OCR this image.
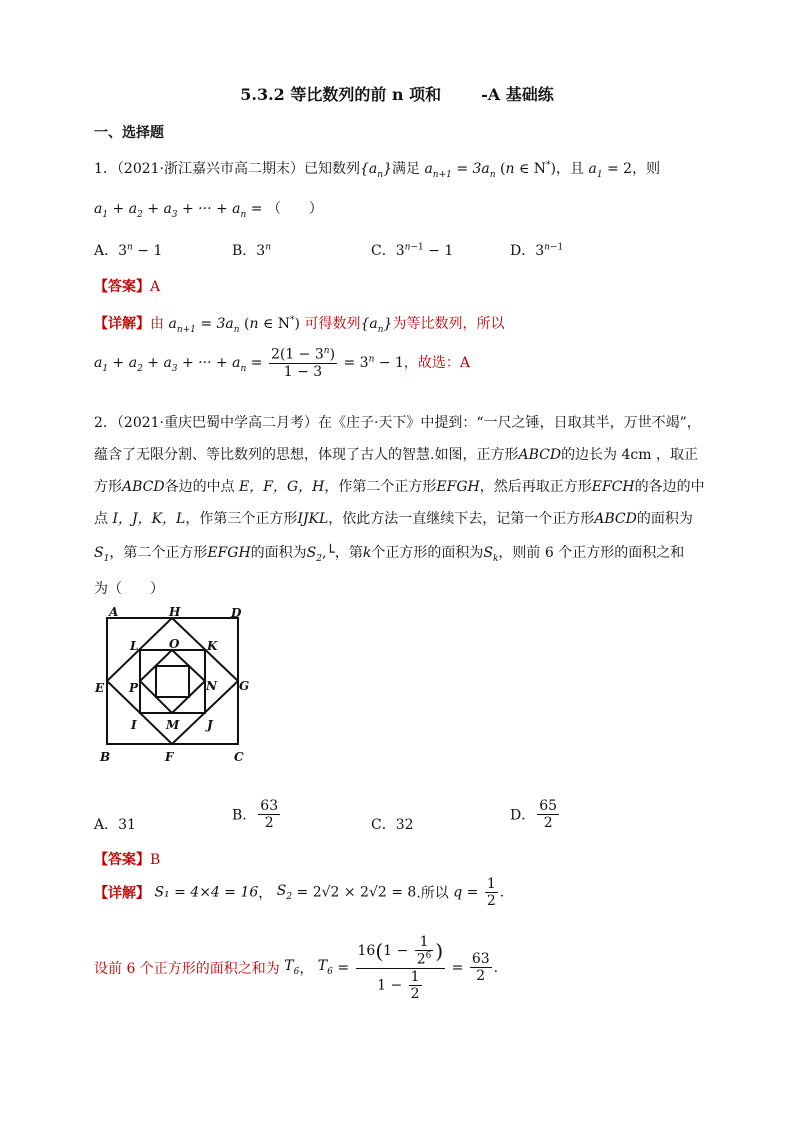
5.3.2 等比数列的前 n 项和	-A 基础练
一、选择题
1．（2021·浙江嘉兴市高二期末）已知数列$\{a_n\}$满足 $a_{n+1} = 3a_n$ (n ∈ N*)，且 $a_1 = 2$，则
$a_1 + a_2 + a_3$ + ··· + $a_n$ = （　　）
A．$3^n - 1$	B．3$^n$	C．$3^{n-1} - 1$	D．$3^{n-1}$
【答案】A
【详解】由 $a_{n+1} = 3a_n$ (n ∈ N*) 可得数列$\{a_n\}$为等比数列，所以
$a_1 + a_2 + a_3$ + ··· + $a_n = \frac{2(1 - 3^n)}{1 - 3} = 3^n - 1$，故选：A
2．（2021·重庆巴蜀中学高二月考）在《庄子·天下》中提到：“一尺之锤，日取其半，万世不竭”，
蕴含了无限分割、等比数列的思想，体现了古人的智慧.如图，正方形ABCD的边长为 4cm ，取正
方形ABCD各边的中点 E，F，G，H，作第二个正方形EFGH，然后再取正方形EFCH的各边的中
点 I，J，K，L，作第三个正方形IJKL，依此方法一直继续下去，记第一个正方形ABCD的面积为
$S_1$，第二个正方形EFGH的面积为$S_2,└$，第k个正方形的面积为$S_k$，则前 6 个正方形的面积之和
为（　　）
A	H	D
L	O K
E P	N G
I M J
B	F	C
A．31
B． $\frac{63}{2}$	C．32
D． $\frac{65}{2}$
【答案】B
【详解】 S₁ = 4×4 = 16， $S_2 = 2√2 \times 2√2 = 8$.所以 $q = \frac{1}{2}$ .
设前 6 个正方形的面积之和为 $T_6$， $T_6 = \frac{16(1 - \frac{1}{2^6} )}{1 - \frac{1}{2}} = \frac{63}{2}$ .
